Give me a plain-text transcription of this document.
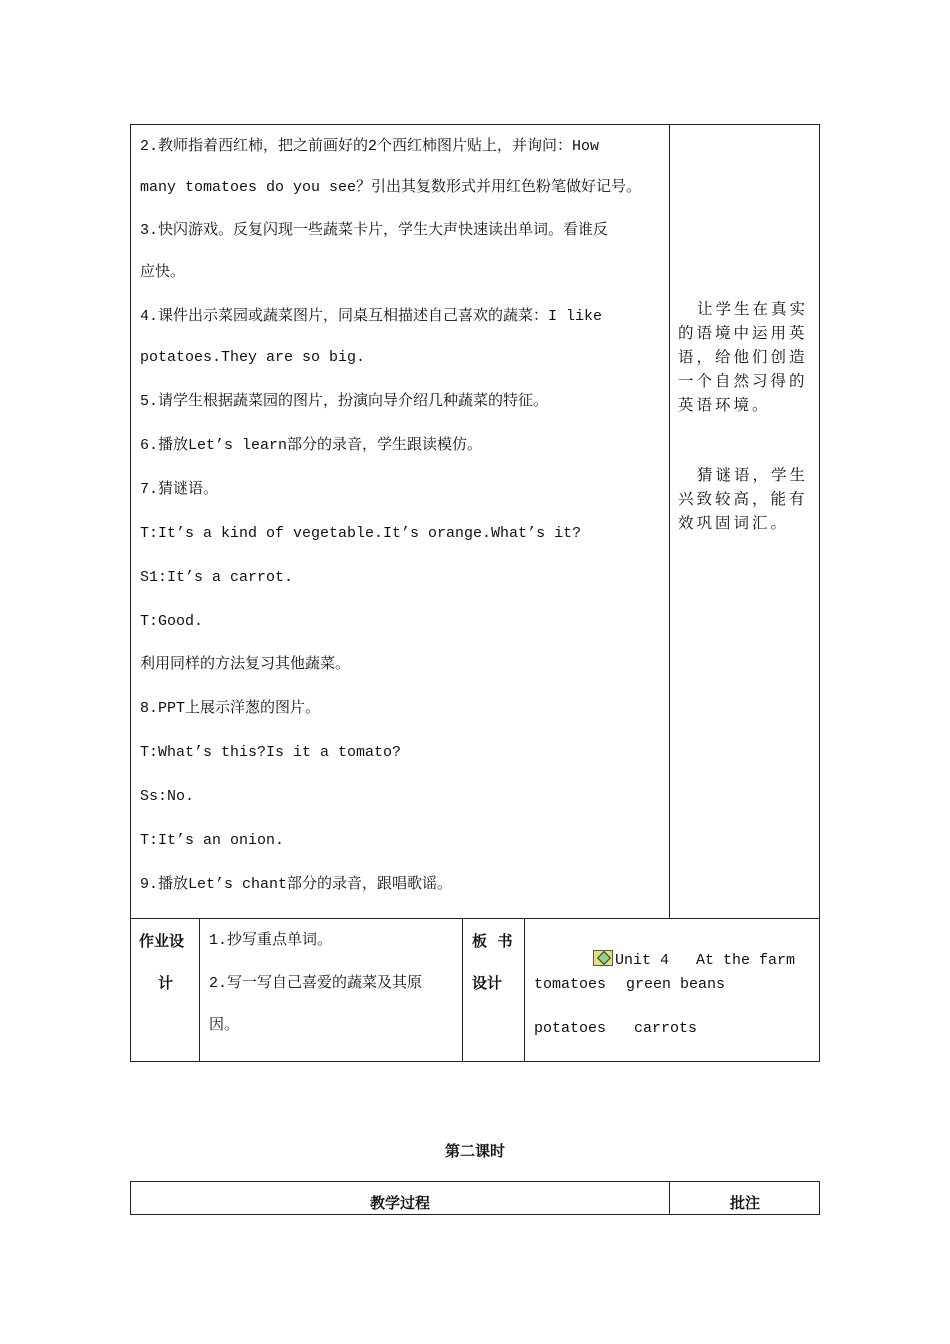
2.教师指着西红柿，把之前画好的2个西红柿图片贴上，并询问：How
many tomatoes do you see？引出其复数形式并用红色粉笔做好记号。
3.快闪游戏。反复闪现一些蔬菜卡片，学生大声快速读出单词。看谁反
应快。
4.课件出示菜园或蔬菜图片，同桌互相描述自己喜欢的蔬菜：I like
potatoes.They are so big.
5.请学生根据蔬菜园的图片，扮演向导介绍几种蔬菜的特征。
6.播放Let’s learn部分的录音，学生跟读模仿。
7.猜谜语。
T:It’s a kind of vegetable.It’s orange.What’s it?
S1:It’s a carrot.
T:Good.
利用同样的方法复习其他蔬菜。
8.PPT上展示洋葱的图片。
T:What’s this?Is it a tomato?
Ss:No.
T:It’s an onion.
9.播放Let’s chant部分的录音，跟唱歌谣。
让学生在真实的语境中运用英语，给他们创造一个自然习得的英语环境。
猜谜语，学生兴致较高，能有效巩固词汇。
作业设
计
1.抄写重点单词。
2.写一写自己喜爱的蔬菜及其原
因。
板  书
设计

Unit 4   At the farm

tomatoes green beans
potatoes carrots
第二课时
教学过程	批注
